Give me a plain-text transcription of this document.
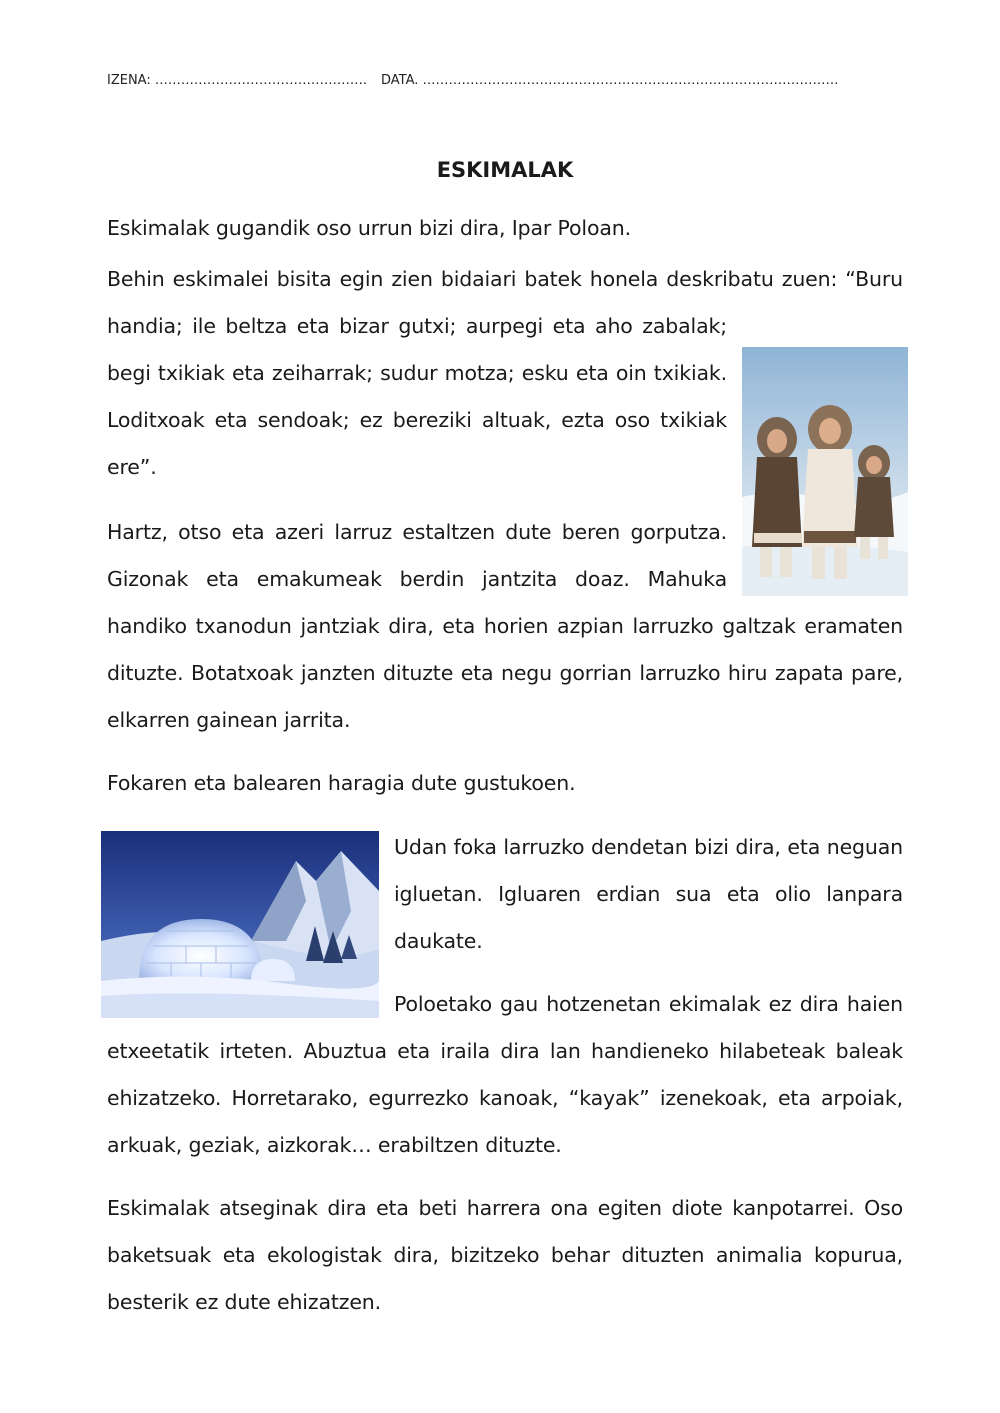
IZENA: …………………………………………. DATA. ……………………………………………………………………………………
ESKIMALAK

Eskimalak gugandik oso urrun bizi dira, Ipar Poloan.

Behin eskimalei bisita egin zien bidaiari batek honela deskribatu zuen: “Buru

handia; ile beltza eta bizar gutxi; aurpegi eta aho zabalak; begi txikiak eta zeiharrak; sudur motza; esku eta oin txikiak. Loditxoak eta sendoak; ez bereziki altuak, ezta oso txikiak ere”.

Hartz, otso eta azeri larruz estaltzen dute beren gorputza. Gizonak eta emakumeak berdin jantzita doaz. Mahuka

handiko txanodun jantziak dira, eta horien azpian larruzko galtzak eramaten dituzte. Botatxoak janzten dituzte eta negu gorrian larruzko hiru zapata pare, elkarren gainean jarrita.

Fokaren eta balearen haragia dute gustukoen.

Udan foka larruzko dendetan bizi dira, eta neguan igluetan. Igluaren erdian sua eta olio lanpara daukate.

Poloetako gau hotzenetan ekimalak ez dira haien

etxeetatik irteten. Abuztua eta iraila dira lan handieneko hilabeteak baleak ehizatzeko. Horretarako, egurrezko kanoak, “kayak” izenekoak, eta arpoiak, arkuak, geziak, aizkorak… erabiltzen dituzte.

Eskimalak atseginak dira eta beti harrera ona egiten diote kanpotarrei. Oso baketsuak eta ekologistak dira, bizitzeko behar dituzten animalia kopurua, besterik ez dute ehizatzen.
